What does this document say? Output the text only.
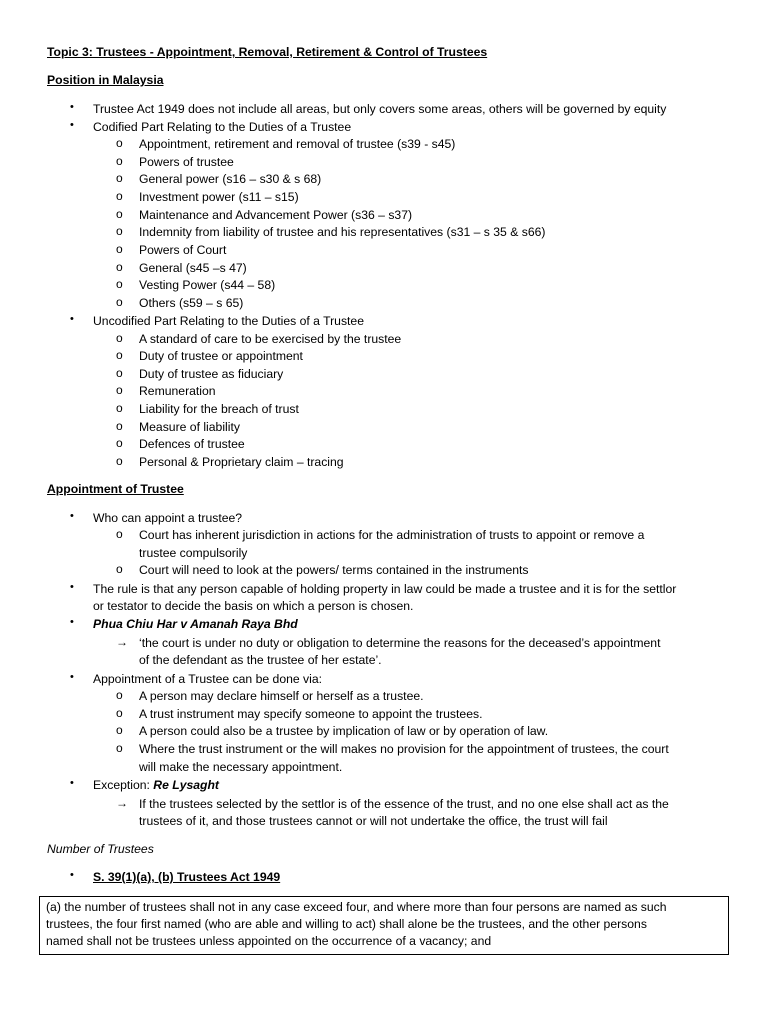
Topic 3: Trustees - Appointment, Removal, Retirement & Control of Trustees
Position in Malaysia
• Trustee Act 1949 does not include all areas, but only covers some areas, others will be governed by equity
• Codified Part Relating to the Duties of a Trustee
o Appointment, retirement and removal of trustee (s39 - s45)
o Powers of trustee
o General power (s16 – s30 & s 68)
o Investment power (s11 – s15)
o Maintenance and Advancement Power (s36 – s37)
o Indemnity from liability of trustee and his representatives (s31 – s 35 & s66)
o Powers of Court
o General (s45 –s 47)
o Vesting Power (s44 – 58)
o Others (s59 – s 65)
• Uncodified Part Relating to the Duties of a Trustee
o A standard of care to be exercised by the trustee
o Duty of trustee or appointment
o Duty of trustee as fiduciary
o Remuneration
o Liability for the breach of trust
o Measure of liability
o Defences of trustee
o Personal & Proprietary claim – tracing
Appointment of Trustee
• Who can appoint a trustee?
o Court has inherent jurisdiction in actions for the administration of trusts to appoint or remove a
trustee compulsorily
o Court will need to look at the powers/ terms contained in the instruments
• The rule is that any person capable of holding property in law could be made a trustee and it is for the settlor
or testator to decide the basis on which a person is chosen.
• Phua Chiu Har v Amanah Raya Bhd
→ ‘the court is under no duty or obligation to determine the reasons for the deceased’s appointment
of the defendant as the trustee of her estate’.
• Appointment of a Trustee can be done via:
o A person may declare himself or herself as a trustee.
o A trust instrument may specify someone to appoint the trustees.
o A person could also be a trustee by implication of law or by operation of law.
o Where the trust instrument or the will makes no provision for the appointment of trustees, the court
will make the necessary appointment.
• Exception: Re Lysaght
→ If the trustees selected by the settlor is of the essence of the trust, and no one else shall act as the
trustees of it, and those trustees cannot or will not undertake the office, the trust will fail
Number of Trustees
• S. 39(1)(a), (b) Trustees Act 1949
(a) the number of trustees shall not in any case exceed four, and where more than four persons are named as such
trustees, the four first named (who are able and willing to act) shall alone be the trustees, and the other persons
named shall not be trustees unless appointed on the occurrence of a vacancy; and
